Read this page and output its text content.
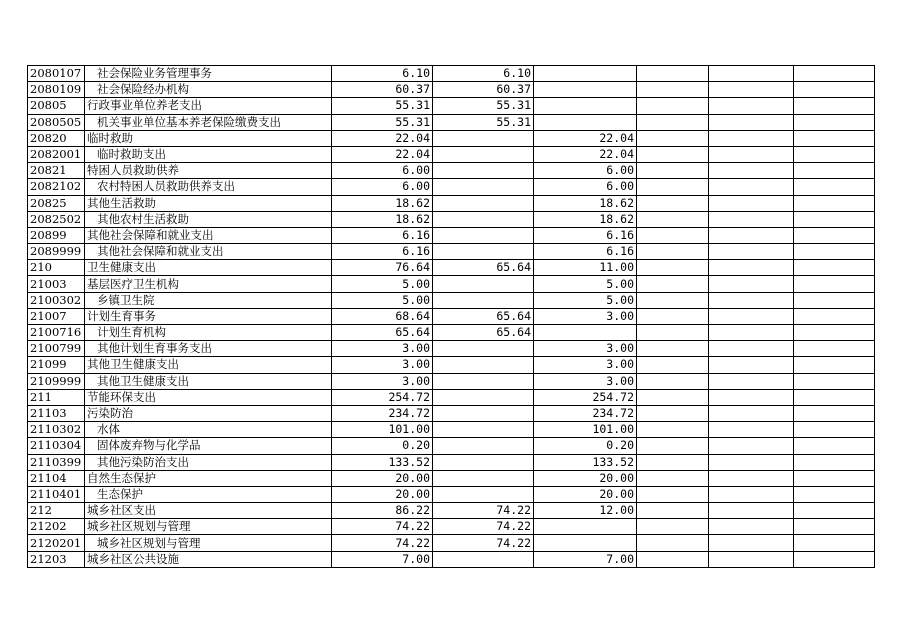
2080107	社会保险业务管理事务	6.10	6.10				
2080109	社会保险经办机构	60.37	60.37				
20805	行政事业单位养老支出	55.31	55.31				
2080505	机关事业单位基本养老保险缴费支出	55.31	55.31				
20820	临时救助	22.04		22.04			
2082001	临时救助支出	22.04		22.04			
20821	特困人员救助供养	6.00		6.00			
2082102	农村特困人员救助供养支出	6.00		6.00			
20825	其他生活救助	18.62		18.62			
2082502	其他农村生活救助	18.62		18.62			
20899	其他社会保障和就业支出	6.16		6.16			
2089999	其他社会保障和就业支出	6.16		6.16			
210	卫生健康支出	76.64	65.64	11.00			
21003	基层医疗卫生机构	5.00		5.00			
2100302	乡镇卫生院	5.00		5.00			
21007	计划生育事务	68.64	65.64	3.00			
2100716	计划生育机构	65.64	65.64				
2100799	其他计划生育事务支出	3.00		3.00			
21099	其他卫生健康支出	3.00		3.00			
2109999	其他卫生健康支出	3.00		3.00			
211	节能环保支出	254.72		254.72			
21103	污染防治	234.72		234.72			
2110302	水体	101.00		101.00			
2110304	固体废弃物与化学品	0.20		0.20			
2110399	其他污染防治支出	133.52		133.52			
21104	自然生态保护	20.00		20.00			
2110401	生态保护	20.00		20.00			
212	城乡社区支出	86.22	74.22	12.00			
21202	城乡社区规划与管理	74.22	74.22				
2120201	城乡社区规划与管理	74.22	74.22				
21203	城乡社区公共设施	7.00		7.00			
